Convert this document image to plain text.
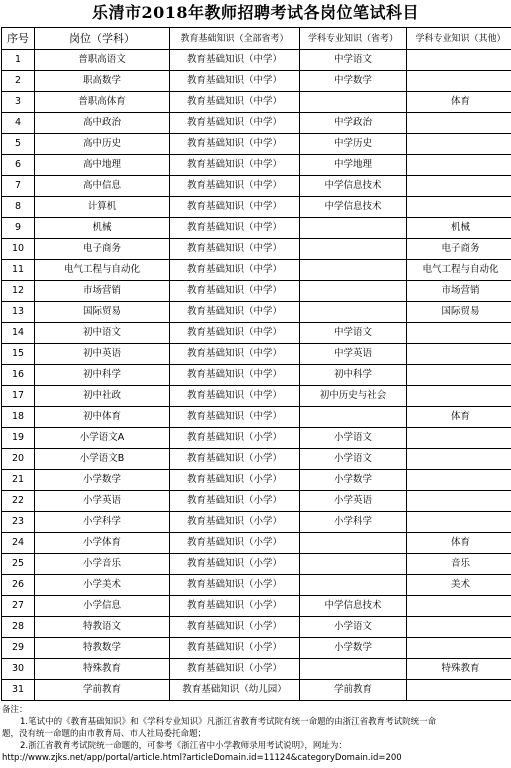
乐清市2018年教师招聘考试各岗位笔试科目
序号	岗位（学科）	教育基础知识（全部省考）	学科专业知识（省考）	学科专业知识（其他）
1	普职高语文	教育基础知识（中学）	中学语文	
2	职高数学	教育基础知识（中学）	中学数学	
3	普职高体育	教育基础知识（中学）		体育
4	高中政治	教育基础知识（中学）	中学政治	
5	高中历史	教育基础知识（中学）	中学历史	
6	高中地理	教育基础知识（中学）	中学地理	
7	高中信息	教育基础知识（中学）	中学信息技术	
8	计算机	教育基础知识（中学）	中学信息技术	
9	机械	教育基础知识（中学）		机械
10	电子商务	教育基础知识（中学）		电子商务
11	电气工程与自动化	教育基础知识（中学）		电气工程与自动化
12	市场营销	教育基础知识（中学）		市场营销
13	国际贸易	教育基础知识（中学）		国际贸易
14	初中语文	教育基础知识（中学）	中学语文	
15	初中英语	教育基础知识（中学）	中学英语	
16	初中科学	教育基础知识（中学）	初中科学	
17	初中社政	教育基础知识（中学）	初中历史与社会	
18	初中体育	教育基础知识（中学）		体育
19	小学语文A	教育基础知识（小学）	小学语文	
20	小学语文B	教育基础知识（小学）	小学语文	
21	小学数学	教育基础知识（小学）	小学数学	
22	小学英语	教育基础知识（小学）	小学英语	
23	小学科学	教育基础知识（小学）	小学科学	
24	小学体育	教育基础知识（小学）		体育
25	小学音乐	教育基础知识（小学）		音乐
26	小学美术	教育基础知识（小学）		美术
27	小学信息	教育基础知识（小学）	中学信息技术	
28	特教语文	教育基础知识（小学）	小学语文	
29	特教数学	教育基础知识（小学）	小学数学	
30	特殊教育	教育基础知识（小学）		特殊教育
31	学前教育	教育基础知识（幼儿园）	学前教育	
备注：
1.笔试中的《教育基础知识》和《学科专业知识》凡浙江省教育考试院有统一命题的由浙江省教育考试院统一命
题，没有统一命题的由市教育局、市人社局委托命题；
2.浙江省教育考试院统一命题的，可参考《浙江省中小学教师录用考试说明》，网址为：
http://www.zjks.net/app/portal/article.html?articleDomain.id=11124&categoryDomain.id=200
